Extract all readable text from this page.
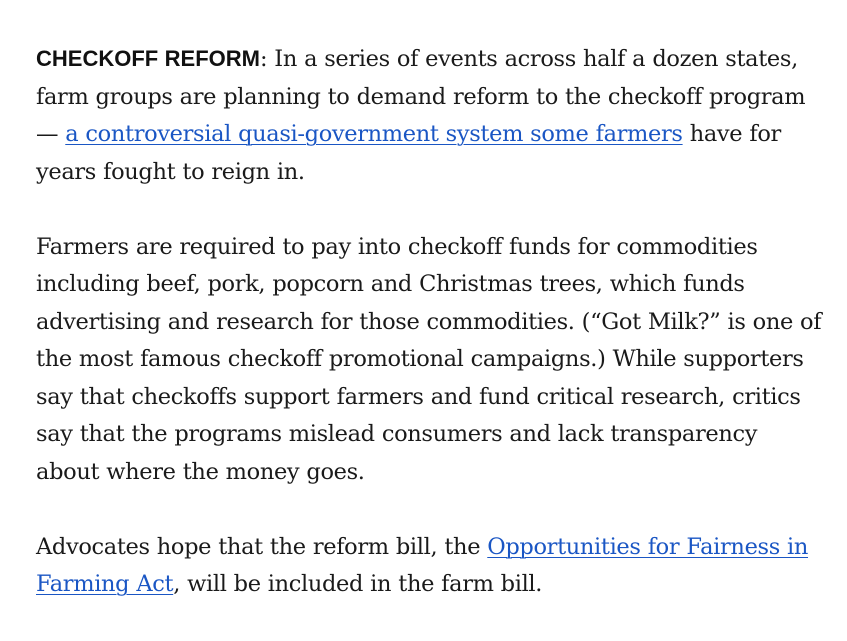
CHECKOFF REFORM: In a series of events across half a dozen states, farm groups are planning to demand reform to the checkoff program — a controversial quasi-government system some farmers have for years fought to reign in.

Farmers are required to pay into checkoff funds for commodities including beef, pork, popcorn and Christmas trees, which funds advertising and research for those commodities. (“Got Milk?” is one of the most famous checkoff promotional campaigns.) While supporters say that checkoffs support farmers and fund critical research, critics say that the programs mislead consumers and lack transparency about where the money goes.

Advocates hope that the reform bill, the Opportunities for Fairness in Farming Act, will be included in the farm bill.
